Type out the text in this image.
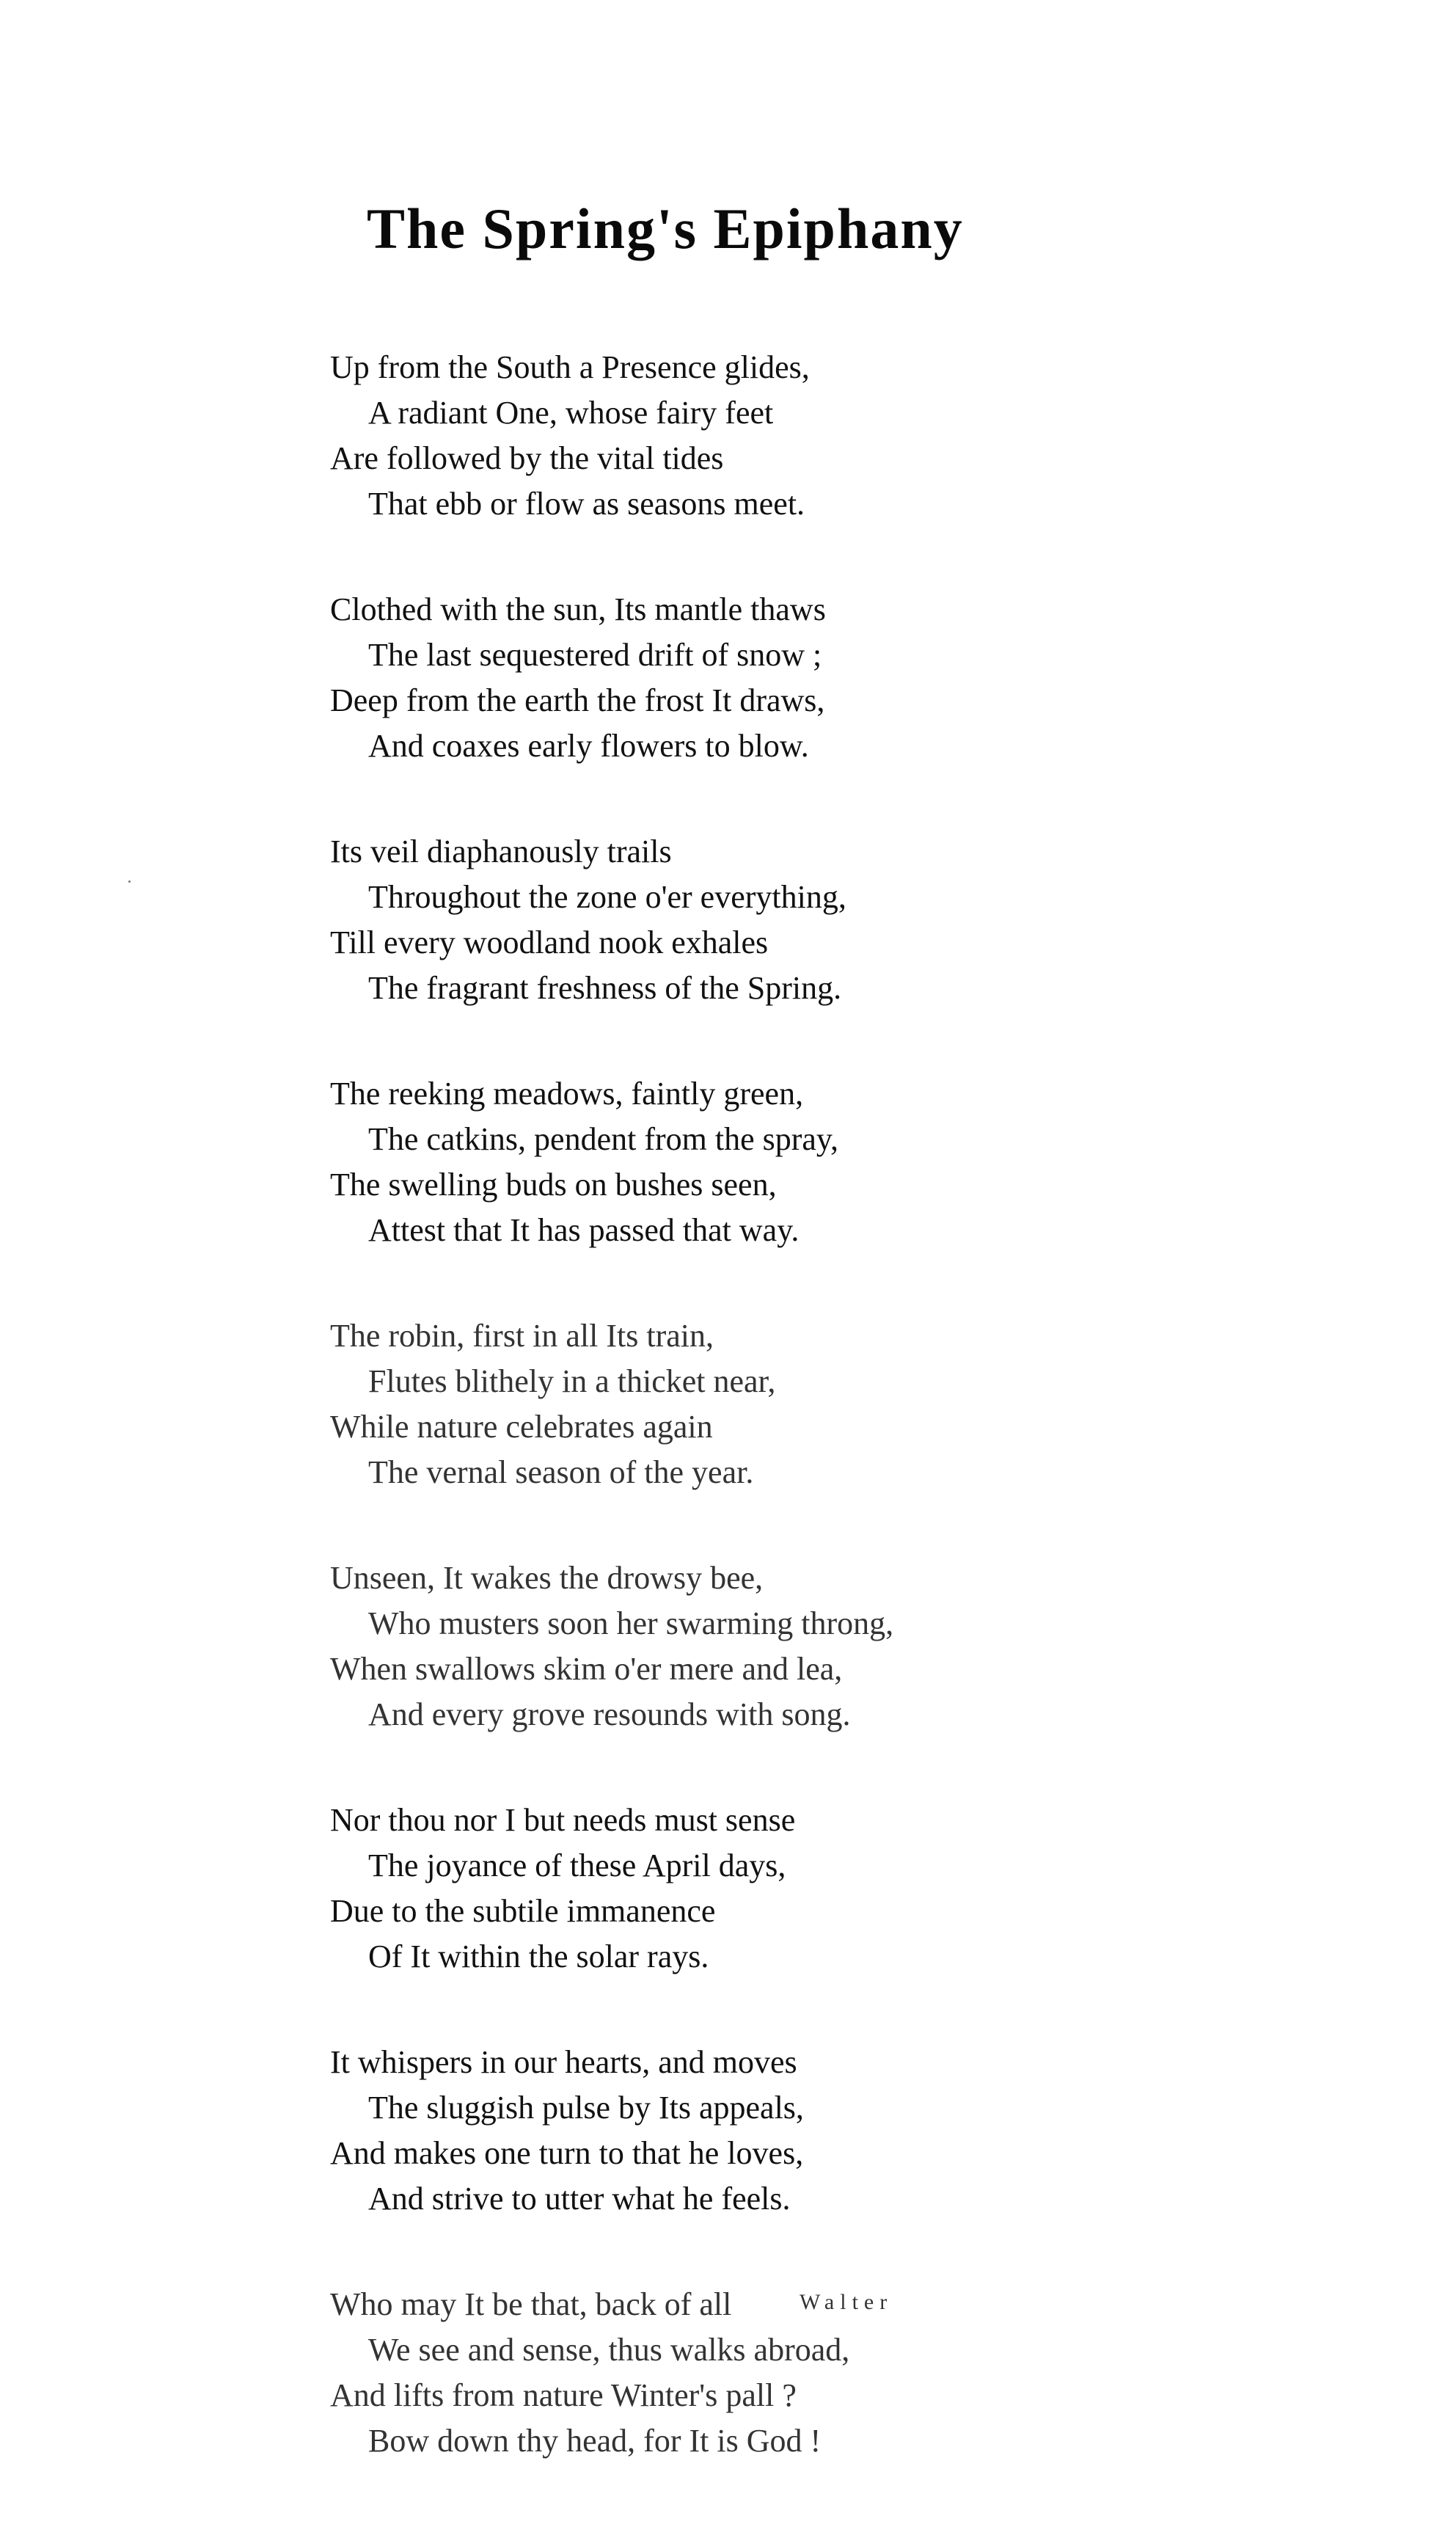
The Spring's Epiphany
Up from the South a Presence glides,
A radiant One, whose fairy feet
Are followed by the vital tides
That ebb or flow as seasons meet.
Clothed with the sun, Its mantle thaws
The last sequestered drift of snow ;
Deep from the earth the frost It draws,
And coaxes early flowers to blow.
Its veil diaphanously trails
Throughout the zone o'er everything,
Till every woodland nook exhales
The fragrant freshness of the Spring.
The reeking meadows, faintly green,
The catkins, pendent from the spray,
The swelling buds on bushes seen,
Attest that It has passed that way.
The robin, first in all Its train,
Flutes blithely in a thicket near,
While nature celebrates again
The vernal season of the year.
Unseen, It wakes the drowsy bee,
Who musters soon her swarming throng,
When swallows skim o'er mere and lea,
And every grove resounds with song.
Nor thou nor I but needs must sense
The joyance of these April days,
Due to the subtile immanence
Of It within the solar rays.
It whispers in our hearts, and moves
The sluggish pulse by Its appeals,
And makes one turn to that he loves,
And strive to utter what he feels.
Who may It be that, back of all
We see and sense, thus walks abroad,
And lifts from nature Winter's pall ?
Bow down thy head, for It is God !
Walter
